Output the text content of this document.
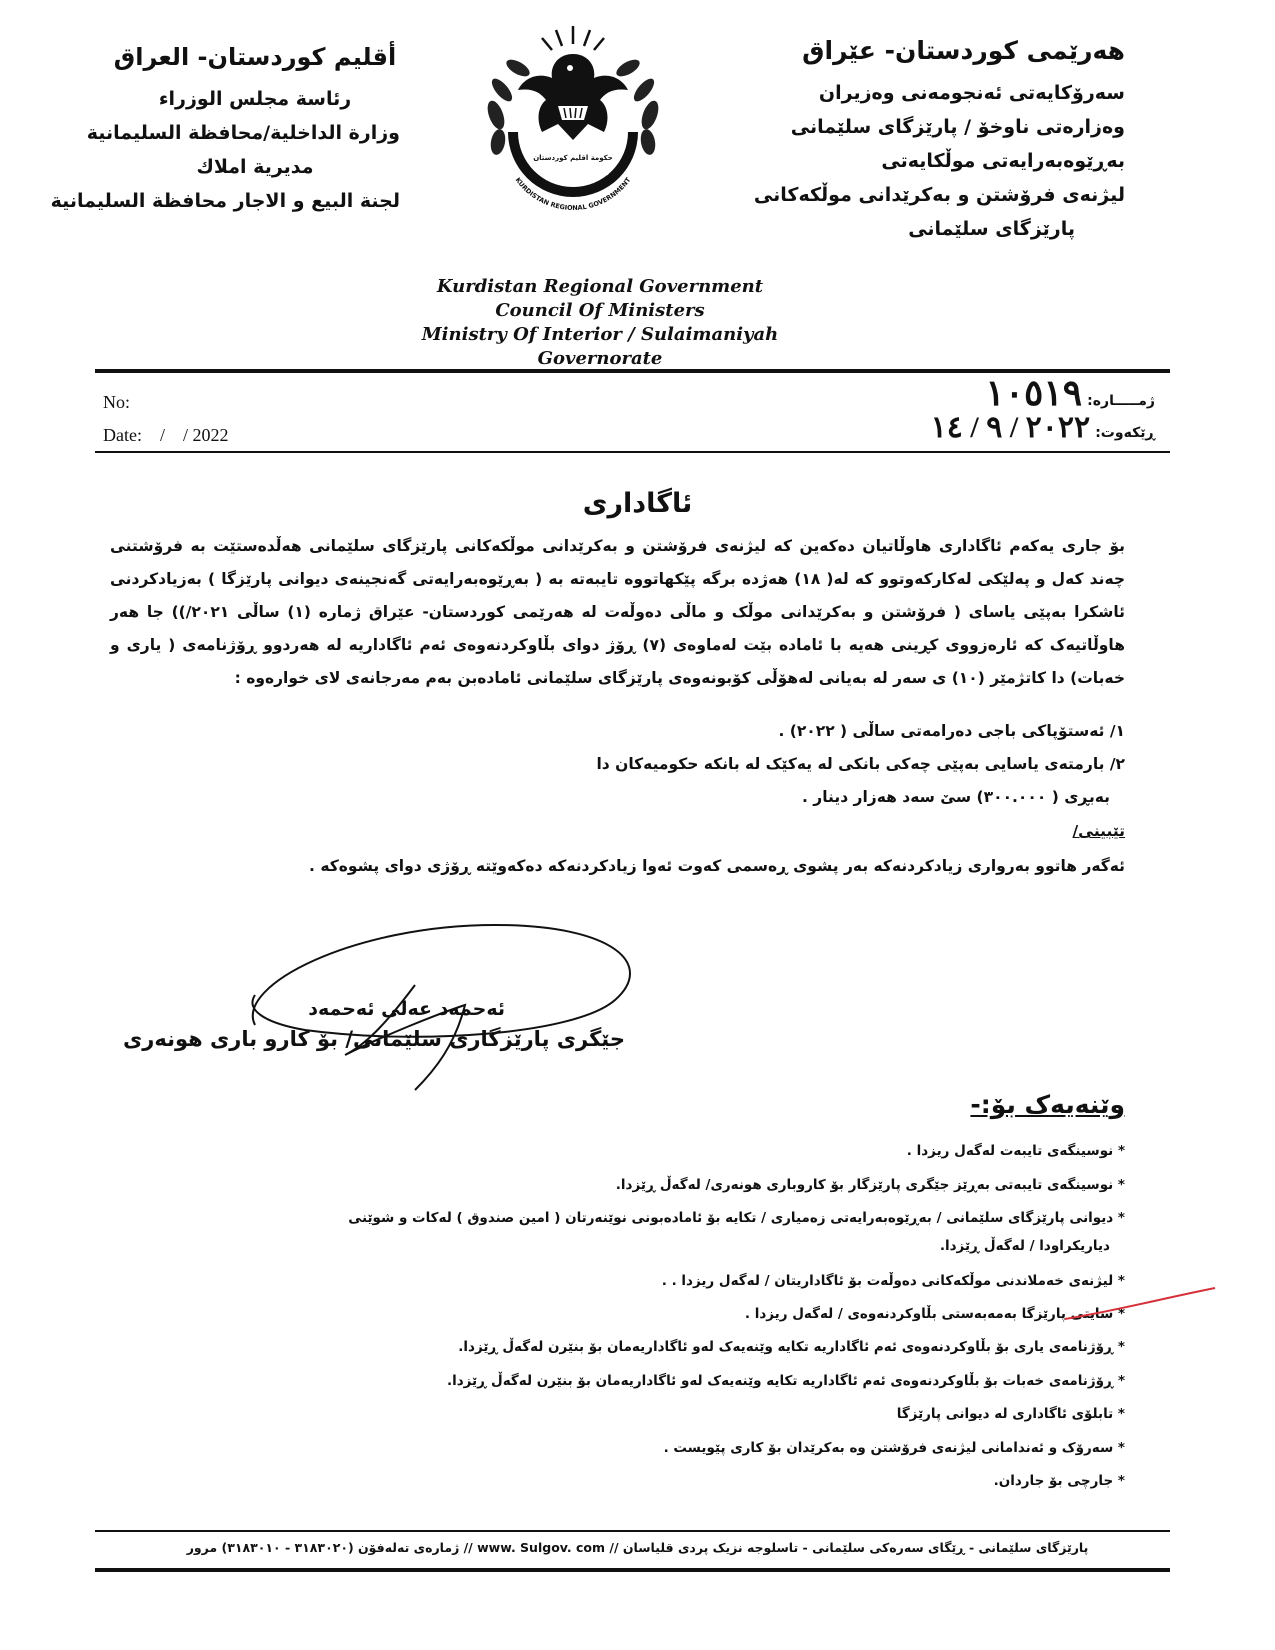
هەرێمی کوردستان- عێراق
سەرۆکایەتی ئەنجومەنی وەزیران
وەزارەتی ناوخۆ / پارێزگای سلێمانی
بەڕێوەبەرایەتی موڵکایەتی
لیژنەی فرۆشتن و بەکرێدانی موڵکەکانی
پارێزگای سلێمانی
أقليم كوردستان- العراق
رئاسة مجلس الوزراء
وزارة الداخلية/محافظة السليمانية
مديرية املاك
لجنة البيع و الاجار محافظة السليمانية
حکومەتی هەرێمی کوردستان
KURDISTAN REGIONAL GOVERNMENT
حكومة اقليم كوردستان
Kurdistan Regional Government
Council Of Ministers
Ministry Of Interior / Sulaimaniyah Governorate
No:
Date:    /    / 2022
ژمـــــارە: ١٠٥١٩
ڕێکەوت: ٢٠٢٢ / ٩ / ١٤
ئاگاداری
بۆ جاری یەکەم ئاگاداری هاوڵاتیان دەکەین کە لیژنەی فرۆشتن و بەکرێدانی موڵکەکانی پارێزگای سلێمانی هەڵدەستێت بە فرۆشتنی چەند کەل و پەلێکی لەکارکەوتوو کە لە( ١٨) هەژدە برگە پێکهاتووە تایبەتە بە ( بەڕێوەبەرایەتی گەنجینەی دیوانی پارێزگا ) بەزیادکردنی ئاشکرا بەپێی یاسای ( فرۆشتن و بەکرێدانی موڵک و ماڵی دەوڵەت لە هەرێمی کوردستان- عێراق ژمارە (١) ساڵی ٢٠٢١/)) جا هەر هاوڵاتیەک کە ئارەزووی کڕینی هەیە با ئامادە بێت لەماوەی (٧) ڕۆژ دوای بڵاوکردنەوەی ئەم ئاگاداریە لە هەردوو ڕۆژنامەی ( یاری و خەبات) دا کاتژمێر (١٠) ی سەر لە بەیانی لەهۆڵی کۆبونەوەی پارێزگای سلێمانی ئامادەبن بەم مەرجانەی لای خوارەوە :
١/ ئەستۆپاکی باجی دەرامەتی ساڵی ( ٢٠٢٢) .
٢/ بارمتەی یاسایی بەپێی چەکی بانکی لە یەکێک لە بانکە حکومیەکان دا
بەبڕی ( ٣٠٠.٠٠٠) سێ سەد هەزار دینار .
تێبینی/
ئەگەر هاتوو بەرواری زیادکردنەکە بەر پشوی ڕەسمی کەوت ئەوا زیادکردنەکە دەکەوێتە ڕۆژی دوای پشوەکە .
ئەحمەد عەلی ئەحمەد
جێگری پارێزگاری سلێمانی/ بۆ کارو باری هونەری
وێنەیەک بۆ:-
* نوسینگەی تایبەت لەگەل ریزدا .
* نوسینگەی تایبەتی بەڕێز جێگری پارێزگار بۆ کاروباری هونەری/ لەگەڵ ڕێزدا.
* دیوانی پارێزگای سلێمانی / بەڕێوەبەرایەتی زەمیاری / تکایە بۆ ئامادەبونی نوێنەرتان ( امین صندوق ) لەکات و شوێنی
دیاریکراودا / لەگەڵ ڕێزدا.
* لیژنەی خەملاندنی موڵکەکانی دەوڵەت بۆ ئاگاداریتان / لەگەل ریزدا . .
* سایتی پارێزگا بەمەبەستی بڵاوکردنەوەی / لەگەل ریزدا .
* ڕۆژنامەی یاری بۆ بڵاوکردنەوەی ئەم ئاگاداریە تکایە وێنەیەک لەو ئاگاداریەمان بۆ بنێرن لەگەڵ ڕێزدا.
* ڕۆژنامەی خەبات بۆ بڵاوکردنەوەی ئەم ئاگاداریە تکایە وێنەیەک لەو ئاگاداریەمان بۆ بنێرن لەگەڵ ڕێزدا.
* تابلۆی ئاگاداری لە دیوانی پارێزگا
* سەرۆک و ئەندامانی لیژنەی فرۆشتن وە بەکرێدان بۆ کاری پێویست .
* جارچی بۆ جاردان.
پارێزگای سلێمانی - ڕێگای سەرەکی سلێمانی - تاسلوجە نزیک پردی قلیاسان // www. Sulgov. com // ژمارەی تەلەفۆن (٣١٨٣٠٢٠ - ٣١٨٣٠١٠) مرور
